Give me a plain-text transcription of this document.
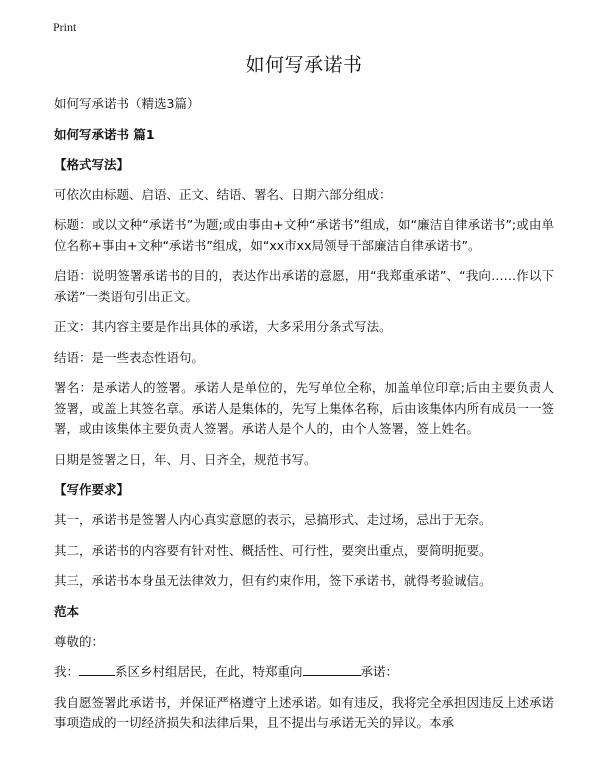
Print
如何写承诺书
如何写承诺书（精选3篇）
如何写承诺书 篇1
【格式写法】
可依次由标题、启语、正文、结语、署名、日期六部分组成：
标题：或以文种“承诺书”为题;或由事由+文种“承诺书”组成，如“廉洁自律承诺书”;或由单位名称+事由+文种“承诺书”组成，如“xx市xx局领导干部廉洁自律承诺书”。
启语：说明签署承诺书的目的，表达作出承诺的意愿，用“我郑重承诺”、“我向……作以下承诺”一类语句引出正文。
正文：其内容主要是作出具体的承诺，大多采用分条式写法。
结语：是一些表态性语句。
署名：是承诺人的签署。承诺人是单位的，先写单位全称，加盖单位印章;后由主要负责人签署，或盖上其签名章。承诺人是集体的，先写上集体名称，后由该集体内所有成员一一签署，或由该集体主要负责人签署。承诺人是个人的，由个人签署，签上姓名。
日期是签署之日，年、月、日齐全，规范书写。
【写作要求】
其一，承诺书是签署人内心真实意愿的表示，忌搞形式、走过场，忌出于无奈。
其二，承诺书的内容要有针对性、概括性、可行性，要突出重点，要简明扼要。
其三，承诺书本身虽无法律效力，但有约束作用，签下承诺书，就得考验诚信。
范本
尊敬的：
我：	系区乡村组居民，在此，特郑重向	承诺：
我自愿签署此承诺书，并保证严格遵守上述承诺。如有违反，我将完全承担因违反上述承诺事项造成的一切经济损失和法律后果，且不提出与承诺无关的异议。本承
